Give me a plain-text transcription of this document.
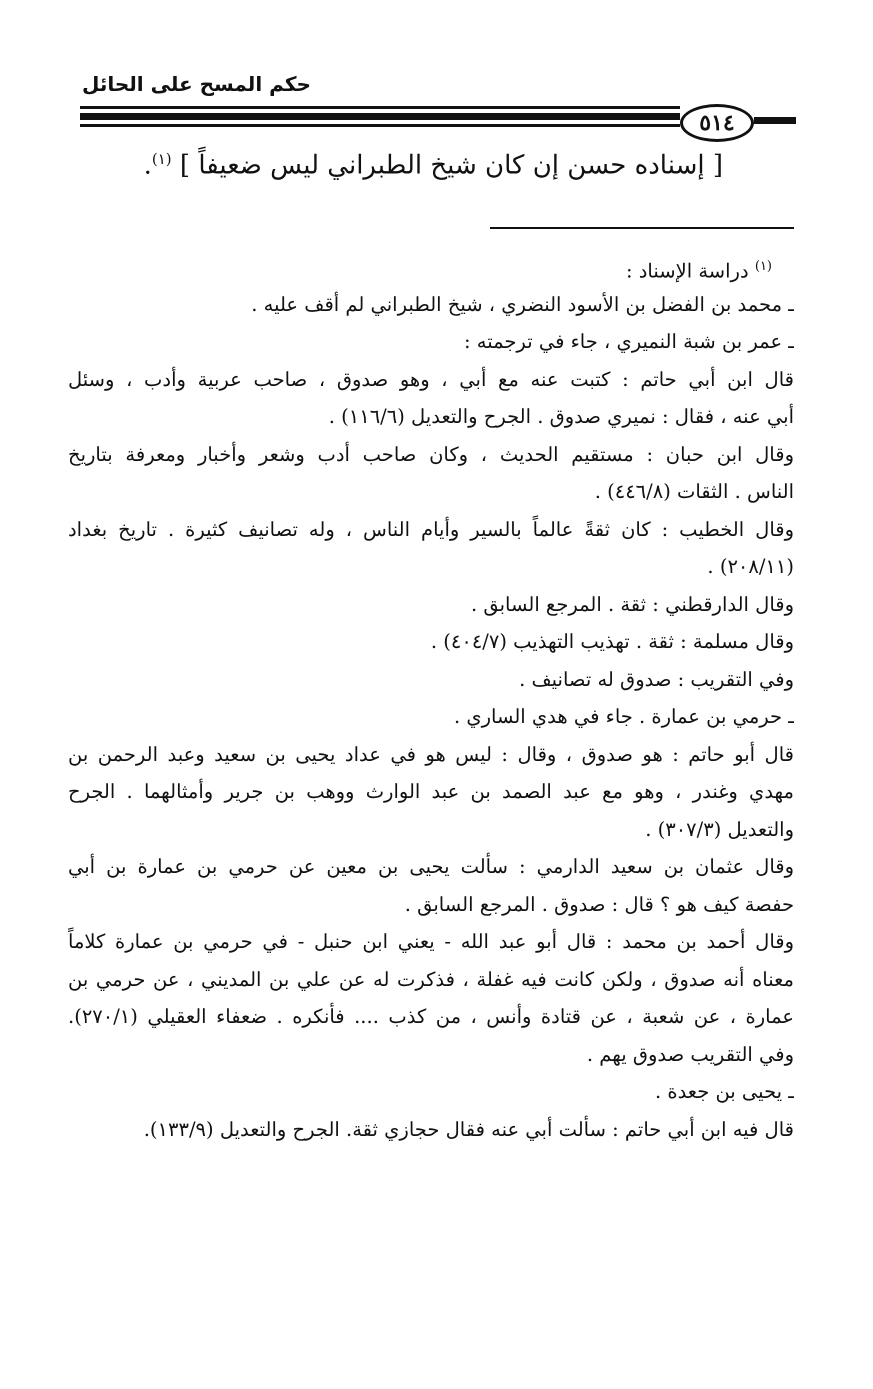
حكم المسح على الحائل
٥١٤
[ إسناده حسن إن كان شيخ الطبراني ليس ضعيفاً ] $^{(١)}$.
$^{(١)}$ دراسة الإسناد :
ـ محمد بن الفضل بن الأسود النضري ، شيخ الطبراني لم أقف عليه .
ـ عمر بن شبة النميري ، جاء في ترجمته :
قال ابن أبي حاتم : كتبت عنه مع أبي ، وهو صدوق ، صاحب عربية وأدب ، وسئل
أبي عنه ، فقال : نميري صدوق . الجرح والتعديل (١١٦/٦) .
وقال ابن حبان : مستقيم الحديث ، وكان صاحب أدب وشعر وأخبار ومعرفة بتاريخ
الناس . الثقات (٤٤٦/٨) .
وقال الخطيب : كان ثقةً عالماً بالسير وأيام الناس ، وله تصانيف كثيرة . تاريخ بغداد
(٢٠٨/١١) .
وقال الدارقطني : ثقة . المرجع السابق .
وقال مسلمة : ثقة . تهذيب التهذيب (٤٠٤/٧) .
وفي التقريب : صدوق له تصانيف .
ـ حرمي بن عمارة . جاء في هدي الساري .
قال أبو حاتم : هو صدوق ، وقال : ليس هو في عداد يحيى بن سعيد وعبد الرحمن بن
مهدي وغندر ، وهو مع عبد الصمد بن عبد الوارث ووهب بن جرير وأمثالهما . الجرح
والتعديل (٣٠٧/٣) .
وقال عثمان بن سعيد الدارمي : سألت يحيى بن معين عن حرمي بن عمارة بن أبي
حفصة كيف هو ؟ قال : صدوق . المرجع السابق .
وقال أحمد بن محمد : قال أبو عبد الله - يعني ابن حنبل - في حرمي بن عمارة كلاماً
معناه أنه صدوق ، ولكن كانت فيه غفلة ، فذكرت له عن علي بن المديني ، عن حرمي بن
عمارة ، عن شعبة ، عن قتادة وأنس ، من كذب .... فأنكره . ضعفاء العقيلي (٢٧٠/١).
وفي التقريب صدوق يهم .
ـ يحيى بن جعدة .
قال فيه ابن أبي حاتم : سألت أبي عنه فقال حجازي ثقة. الجرح والتعديل (١٣٣/٩).
